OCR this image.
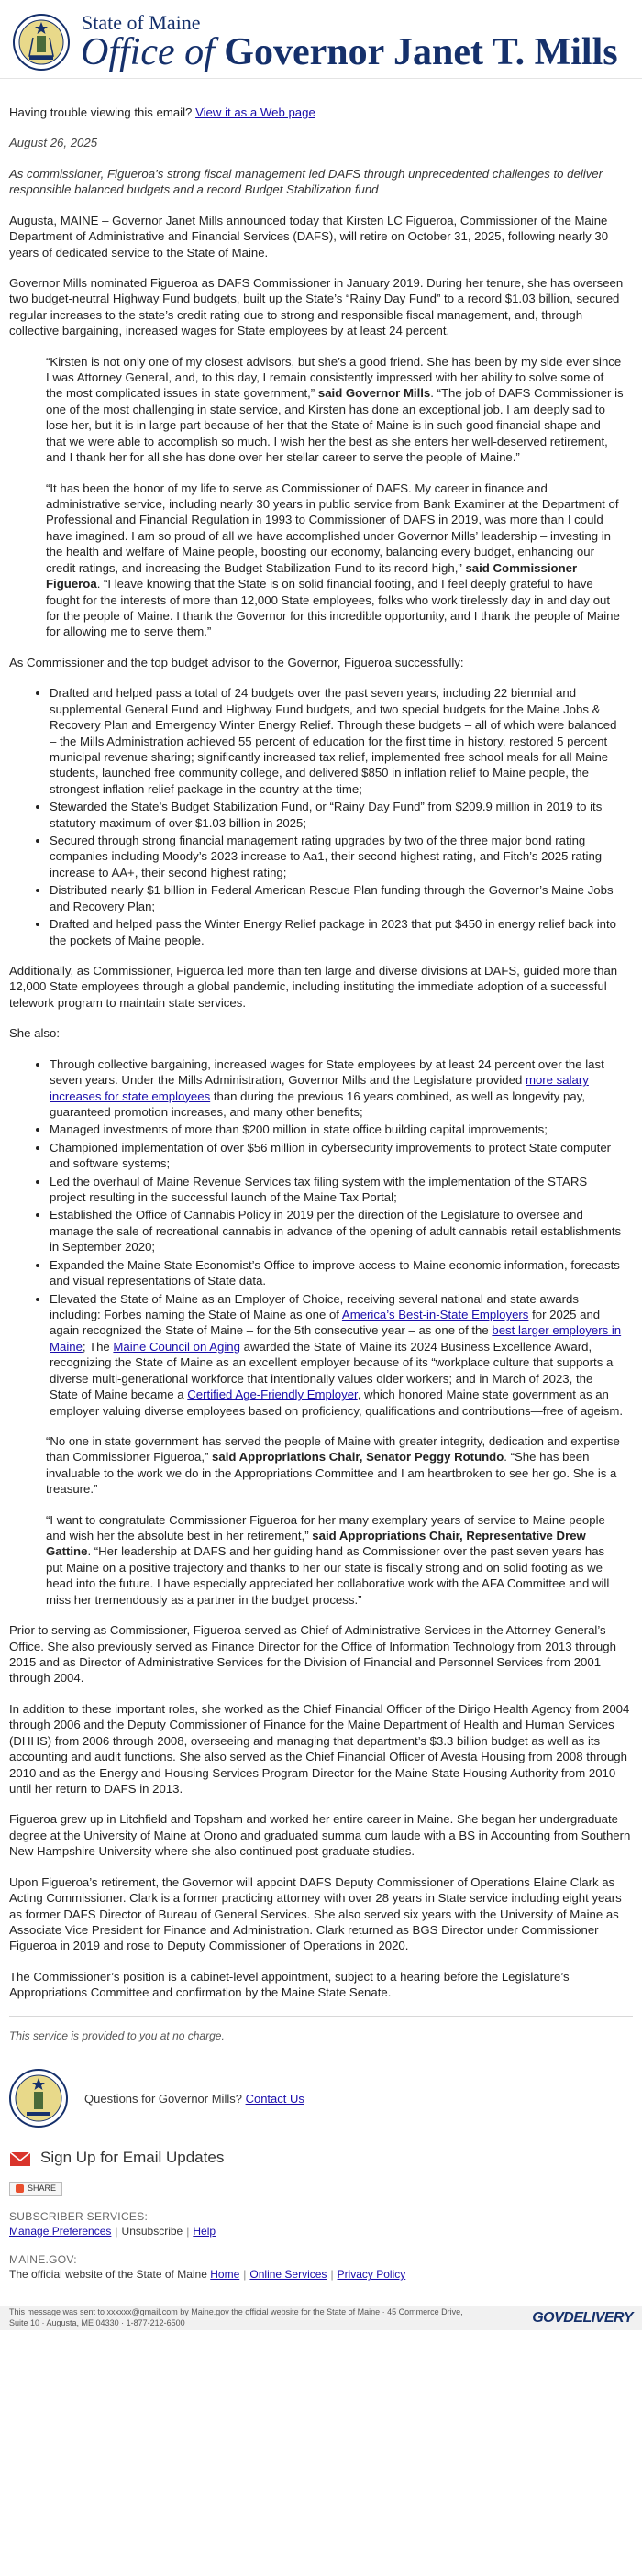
State of Maine
Office of Governor Janet T. Mills

Having trouble viewing this email? View it as a Web page

August 26, 2025

As commissioner, Figueroa’s strong fiscal management led DAFS through unprecedented challenges to deliver responsible balanced budgets and a record Budget Stabilization fund

Augusta, MAINE – Governor Janet Mills announced today that Kirsten LC Figueroa, Commissioner of the Maine Department of Administrative and Financial Services (DAFS), will retire on October 31, 2025, following nearly 30 years of dedicated service to the State of Maine.

Governor Mills nominated Figueroa as DAFS Commissioner in January 2019. During her tenure, she has overseen two budget-neutral Highway Fund budgets, built up the State’s “Rainy Day Fund” to a record $1.03 billion, secured regular increases to the state’s credit rating due to strong and responsible fiscal management, and, through collective bargaining, increased wages for State employees by at least 24 percent.

“Kirsten is not only one of my closest advisors, but she’s a good friend. She has been by my side ever since I was Attorney General, and, to this day, I remain consistently impressed with her ability to solve some of the most complicated issues in state government,” said Governor Mills. “The job of DAFS Commissioner is one of the most challenging in state service, and Kirsten has done an exceptional job. I am deeply sad to lose her, but it is in large part because of her that the State of Maine is in such good financial shape and that we were able to accomplish so much. I wish her the best as she enters her well-deserved retirement, and I thank her for all she has done over her stellar career to serve the people of Maine.”
“It has been the honor of my life to serve as Commissioner of DAFS. My career in finance and administrative service, including nearly 30 years in public service from Bank Examiner at the Department of Professional and Financial Regulation in 1993 to Commissioner of DAFS in 2019, was more than I could have imagined. I am so proud of all we have accomplished under Governor Mills’ leadership – investing in the health and welfare of Maine people, boosting our economy, balancing every budget, enhancing our credit ratings, and increasing the Budget Stabilization Fund to its record high,” said Commissioner Figueroa. “I leave knowing that the State is on solid financial footing, and I feel deeply grateful to have fought for the interests of more than 12,000 State employees, folks who work tirelessly day in and day out for the people of Maine. I thank the Governor for this incredible opportunity, and I thank the people of Maine for allowing me to serve them.”

As Commissioner and the top budget advisor to the Governor, Figueroa successfully:

• Drafted and helped pass a total of 24 budgets over the past seven years, including 22 biennial and supplemental General Fund and Highway Fund budgets, and two special budgets for the Maine Jobs & Recovery Plan and Emergency Winter Energy Relief. Through these budgets – all of which were balanced – the Mills Administration achieved 55 percent of education for the first time in history, restored 5 percent municipal revenue sharing; significantly increased tax relief, implemented free school meals for all Maine students, launched free community college, and delivered $850 in inflation relief to Maine people, the strongest inflation relief package in the country at the time;
• Stewarded the State’s Budget Stabilization Fund, or “Rainy Day Fund” from $209.9 million in 2019 to its statutory maximum of over $1.03 billion in 2025;
• Secured through strong financial management rating upgrades by two of the three major bond rating companies including Moody’s 2023 increase to Aa1, their second highest rating, and Fitch’s 2025 rating increase to AA+, their second highest rating;
• Distributed nearly $1 billion in Federal American Rescue Plan funding through the Governor’s Maine Jobs and Recovery Plan;
• Drafted and helped pass the Winter Energy Relief package in 2023 that put $450 in energy relief back into the pockets of Maine people.

Additionally, as Commissioner, Figueroa led more than ten large and diverse divisions at DAFS, guided more than 12,000 State employees through a global pandemic, including instituting the immediate adoption of a successful telework program to maintain state services.

She also:

• Through collective bargaining, increased wages for State employees by at least 24 percent over the last seven years. Under the Mills Administration, Governor Mills and the Legislature provided more salary increases for state employees than during the previous 16 years combined, as well as longevity pay, guaranteed promotion increases, and many other benefits;
• Managed investments of more than $200 million in state office building capital improvements;
• Championed implementation of over $56 million in cybersecurity improvements to protect State computer and software systems;
• Led the overhaul of Maine Revenue Services tax filing system with the implementation of the STARS project resulting in the successful launch of the Maine Tax Portal;
• Established the Office of Cannabis Policy in 2019 per the direction of the Legislature to oversee and manage the sale of recreational cannabis in advance of the opening of adult cannabis retail establishments in September 2020;
• Expanded the Maine State Economist’s Office to improve access to Maine economic information, forecasts and visual representations of State data.
• Elevated the State of Maine as an Employer of Choice, receiving several national and state awards including: Forbes naming the State of Maine as one of America’s Best-in-State Employers for 2025 and again recognized the State of Maine – for the 5th consecutive year – as one of the best larger employers in Maine; The Maine Council on Aging awarded the State of Maine its 2024 Business Excellence Award, recognizing the State of Maine as an excellent employer because of its “workplace culture that supports a diverse multi-generational workforce that intentionally values older workers; and in March of 2023, the State of Maine became a Certified Age-Friendly Employer, which honored Maine state government as an employer valuing diverse employees based on proficiency, qualifications and contributions—free of ageism.
“No one in state government has served the people of Maine with greater integrity, dedication and expertise than Commissioner Figueroa,” said Appropriations Chair, Senator Peggy Rotundo. “She has been invaluable to the work we do in the Appropriations Committee and I am heartbroken to see her go. She is a treasure.”
“I want to congratulate Commissioner Figueroa for her many exemplary years of service to Maine people and wish her the absolute best in her retirement,” said Appropriations Chair, Representative Drew Gattine. “Her leadership at DAFS and her guiding hand as Commissioner over the past seven years has put Maine on a positive trajectory and thanks to her our state is fiscally strong and on solid footing as we head into the future. I have especially appreciated her collaborative work with the AFA Committee and will miss her tremendously as a partner in the budget process.”

Prior to serving as Commissioner, Figueroa served as Chief of Administrative Services in the Attorney General’s Office. She also previously served as Finance Director for the Office of Information Technology from 2013 through 2015 and as Director of Administrative Services for the Division of Financial and Personnel Services from 2001 through 2004.

In addition to these important roles, she worked as the Chief Financial Officer of the Dirigo Health Agency from 2004 through 2006 and the Deputy Commissioner of Finance for the Maine Department of Health and Human Services (DHHS) from 2006 through 2008, overseeing and managing that department’s $3.3 billion budget as well as its accounting and audit functions. She also served as the Chief Financial Officer of Avesta Housing from 2008 through 2010 and as the Energy and Housing Services Program Director for the Maine State Housing Authority from 2010 until her return to DAFS in 2013.

Figueroa grew up in Litchfield and Topsham and worked her entire career in Maine. She began her undergraduate degree at the University of Maine at Orono and graduated summa cum laude with a BS in Accounting from Southern New Hampshire University where she also continued post graduate studies.

Upon Figueroa’s retirement, the Governor will appoint DAFS Deputy Commissioner of Operations Elaine Clark as Acting Commissioner. Clark is a former practicing attorney with over 28 years in State service including eight years as former DAFS Director of Bureau of General Services. She also served six years with the University of Maine as Associate Vice President for Finance and Administration. Clark returned as BGS Director under Commissioner Figueroa in 2019 and rose to Deputy Commissioner of Operations in 2020.

The Commissioner’s position is a cabinet-level appointment, subject to a hearing before the Legislature’s Appropriations Committee and confirmation by the Maine State Senate.

This service is provided to you at no charge.
Questions for Governor Mills? Contact Us
Sign Up for Email Updates
SHARE
SUBSCRIBER SERVICES:
Manage Preferences | Unsubscribe | Help
MAINE.GOV:
The official website of the State of Maine Home | Online Services | Privacy Policy
This message was sent to xxxxxx@gmail.com by Maine.gov the official website for the State of Maine · 45 Commerce Drive,
Suite 10 · Augusta, ME 04330 · 1-877-212-6500	GOVDELIVERY
